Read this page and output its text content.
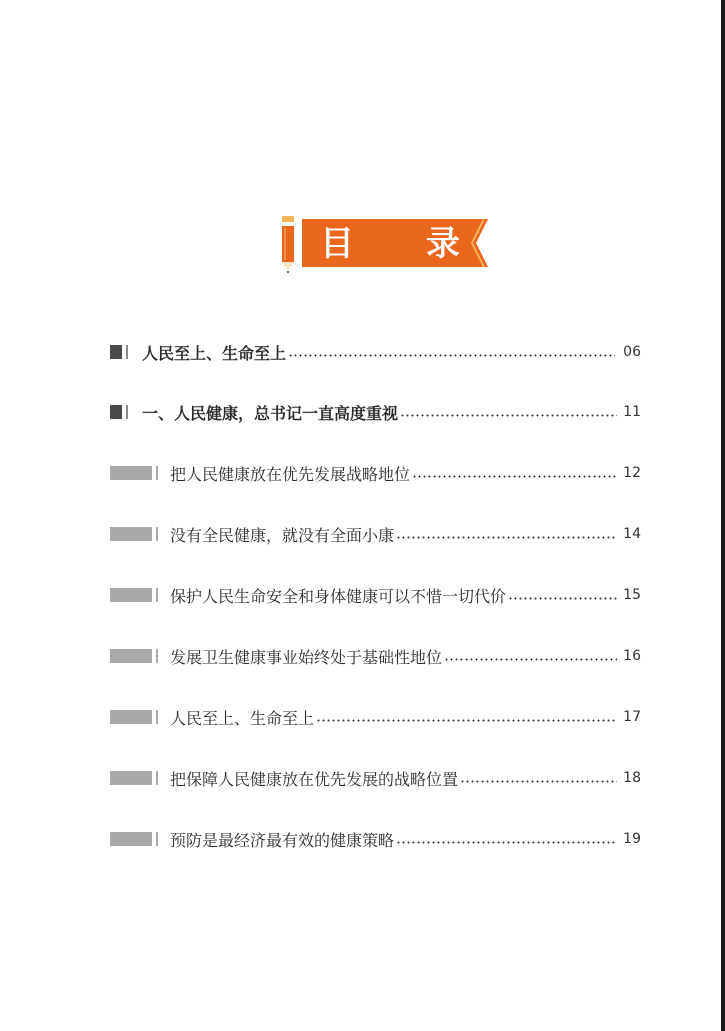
目 录
人民至上、生命至上	06
一、人民健康，总书记一直高度重视	11
把人民健康放在优先发展战略地位	12
没有全民健康，就没有全面小康	14
保护人民生命安全和身体健康可以不惜一切代价	15
发展卫生健康事业始终处于基础性地位	16
人民至上、生命至上	17
把保障人民健康放在优先发展的战略位置	18
预防是最经济最有效的健康策略	19
